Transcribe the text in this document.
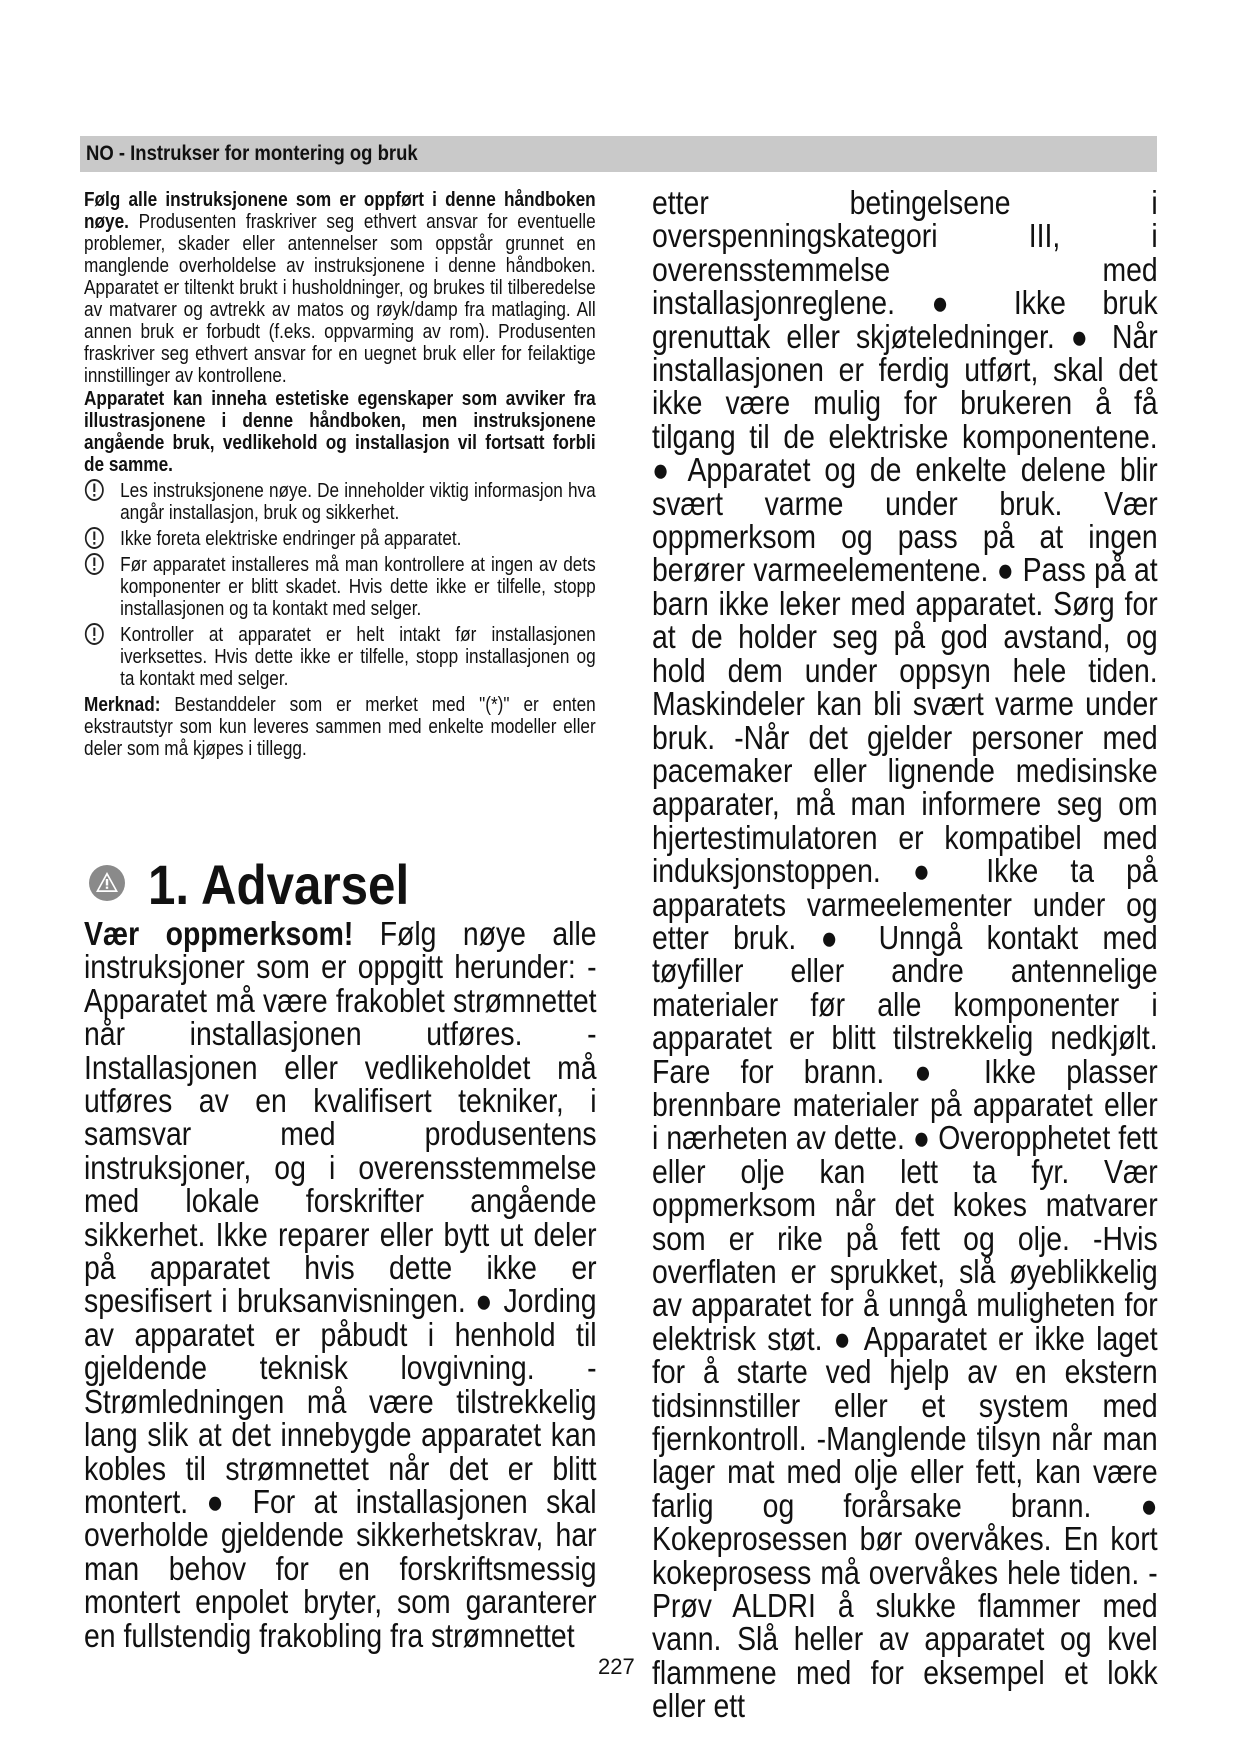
NO - Instrukser for montering og bruk

Følg alle instruksjonene som er oppført i denne håndboken nøye. Produsenten fraskriver seg ethvert ansvar for eventuelle problemer, skader eller antennelser som oppstår grunnet en manglende overholdelse av instruksjonene i denne håndboken. Apparatet er tiltenkt brukt i husholdninger, og brukes til tilberedelse av matvarer og avtrekk av matos og røyk/damp fra matlaging. All annen bruk er forbudt (f.eks. oppvarming av rom). Produsenten fraskriver seg ethvert ansvar for en uegnet bruk eller for feilaktige innstillinger av kontrollene.

Apparatet kan inneha estetiske egenskaper som avviker fra illustrasjonene i denne håndboken, men instruksjonene angående bruk, vedlikehold og installasjon vil fortsatt forbli de samme.

Les instruksjonene nøye. De inneholder viktig informasjon hva angår installasjon, bruk og sikkerhet.
Ikke foreta elektriske endringer på apparatet.
Før apparatet installeres må man kontrollere at ingen av dets komponenter er blitt skadet. Hvis dette ikke er tilfelle, stopp installasjonen og ta kontakt med selger.
Kontroller at apparatet er helt intakt før installasjonen iverksettes. Hvis dette ikke er tilfelle, stopp installasjonen og ta kontakt med selger.

Merknad: Bestanddeler som er merket med "(*)" er enten ekstrautstyr som kun leveres sammen med enkelte modeller eller deler som må kjøpes i tillegg.

1. Advarsel
Vær oppmerksom! Følg nøye alle instruksjoner som er oppgitt herunder: -Apparatet må være frakoblet strømnettet når installasjonen utføres. -Installasjonen eller vedlikeholdet må utføres av en kvalifisert tekniker, i samsvar med produsentens instruksjoner, og i overensstemmelse med lokale forskrifter angående sikkerhet. Ikke reparer eller bytt ut deler på apparatet hvis dette ikke er spesifisert i bruksanvisningen. ● Jording av apparatet er påbudt i henhold til gjeldende teknisk lovgivning. -Strømledningen må være tilstrekkelig lang slik at det innebygde apparatet kan kobles til strømnettet når det er blitt montert. ● For at installasjonen skal overholde gjeldende sikkerhetskrav, har man behov for en forskriftsmessig montert enpolet bryter, som garanterer en fullstendig frakobling fra strømnettet
etter betingelsene i overspenningskategori III, i overensstemmelse med installasjonreglene. ● Ikke bruk grenuttak eller skjøteledninger. ● Når installasjonen er ferdig utført, skal det ikke være mulig for brukeren å få tilgang til de elektriske komponentene. ● Apparatet og de enkelte delene blir svært varme under bruk. Vær oppmerksom og pass på at ingen berører varmeelementene. ● Pass på at barn ikke leker med apparatet. Sørg for at de holder seg på god avstand, og hold dem under oppsyn hele tiden. Maskindeler kan bli svært varme under bruk. -Når det gjelder personer med pacemaker eller lignende medisinske apparater, må man informere seg om hjertestimulatoren er kompatibel med induksjonstoppen. ● Ikke ta på apparatets varmeelementer under og etter bruk. ● Unngå kontakt med tøyfiller eller andre antennelige materialer før alle komponenter i apparatet er blitt tilstrekkelig nedkjølt. Fare for brann. ● Ikke plasser brennbare materialer på apparatet eller i nærheten av dette. ● Overopphetet fett eller olje kan lett ta fyr. Vær oppmerksom når det kokes matvarer som er rike på fett og olje. -Hvis overflaten er sprukket, slå øyeblikkelig av apparatet for å unngå muligheten for elektrisk støt. ● Apparatet er ikke laget for å starte ved hjelp av en ekstern tidsinnstiller eller et system med fjernkontroll. -Manglende tilsyn når man lager mat med olje eller fett, kan være farlig og forårsake brann. ● Kokeprosessen bør overvåkes. En kort kokeprosess må overvåkes hele tiden. -Prøv ALDRI å slukke flammer med vann. Slå heller av apparatet og kvel flammene med for eksempel et lokk eller ett
227
